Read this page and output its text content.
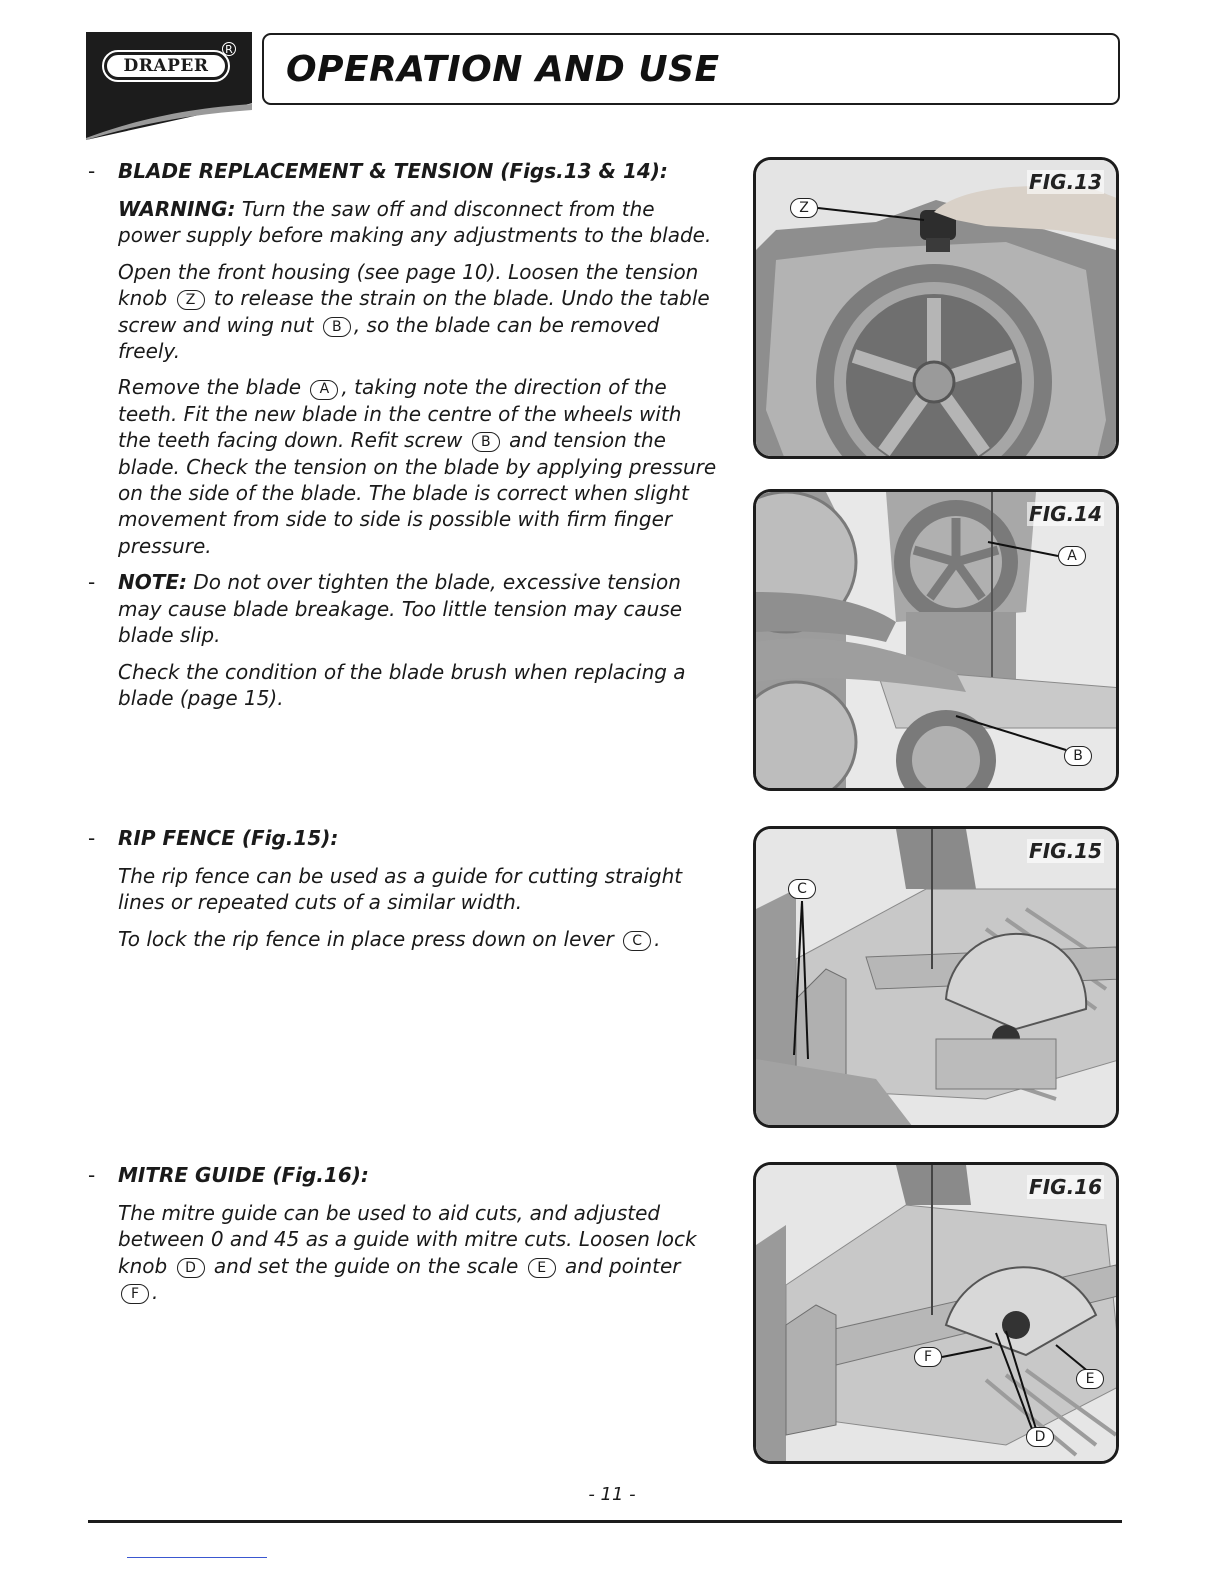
DRAPER
R OPERATION AND USE
- BLADE REPLACEMENT & TENSION (Figs.13 & 14):

WARNING: Turn the saw off and disconnect from the power supply before making any adjustments to the blade.

Open the front housing (see page 10). Loosen the tension knob Z to release the strain on the blade. Undo the table screw and wing nut B , so the blade can be removed freely.

Remove the blade A , taking note the direction of the teeth. Fit the new blade in the centre of the wheels with the teeth facing down. Refit screw B and tension the blade. Check the tension on the blade by applying pressure on the side of the blade. The blade is correct when slight movement from side to side is possible with firm finger pressure.

- NOTE: Do not over tighten the blade, excessive tension may cause blade breakage. Too little tension may cause blade slip.

Check the condition of the blade brush when replacing a blade (page 15).

- RIP FENCE (Fig.15):

The rip fence can be used as a guide for cutting straight lines or repeated cuts of a similar width.

To lock the rip fence in place press down on lever C .

- MITRE GUIDE (Fig.16):

The mitre guide can be used to aid cuts, and adjusted between 0 and 45 as a guide with mitre cuts. Loosen lock knob D and set the guide on the scale E and pointer F .

FIG.13
Z
FIG.14
A
B
FIG.15
C
FIG.16
F
E
D
- 11 -
